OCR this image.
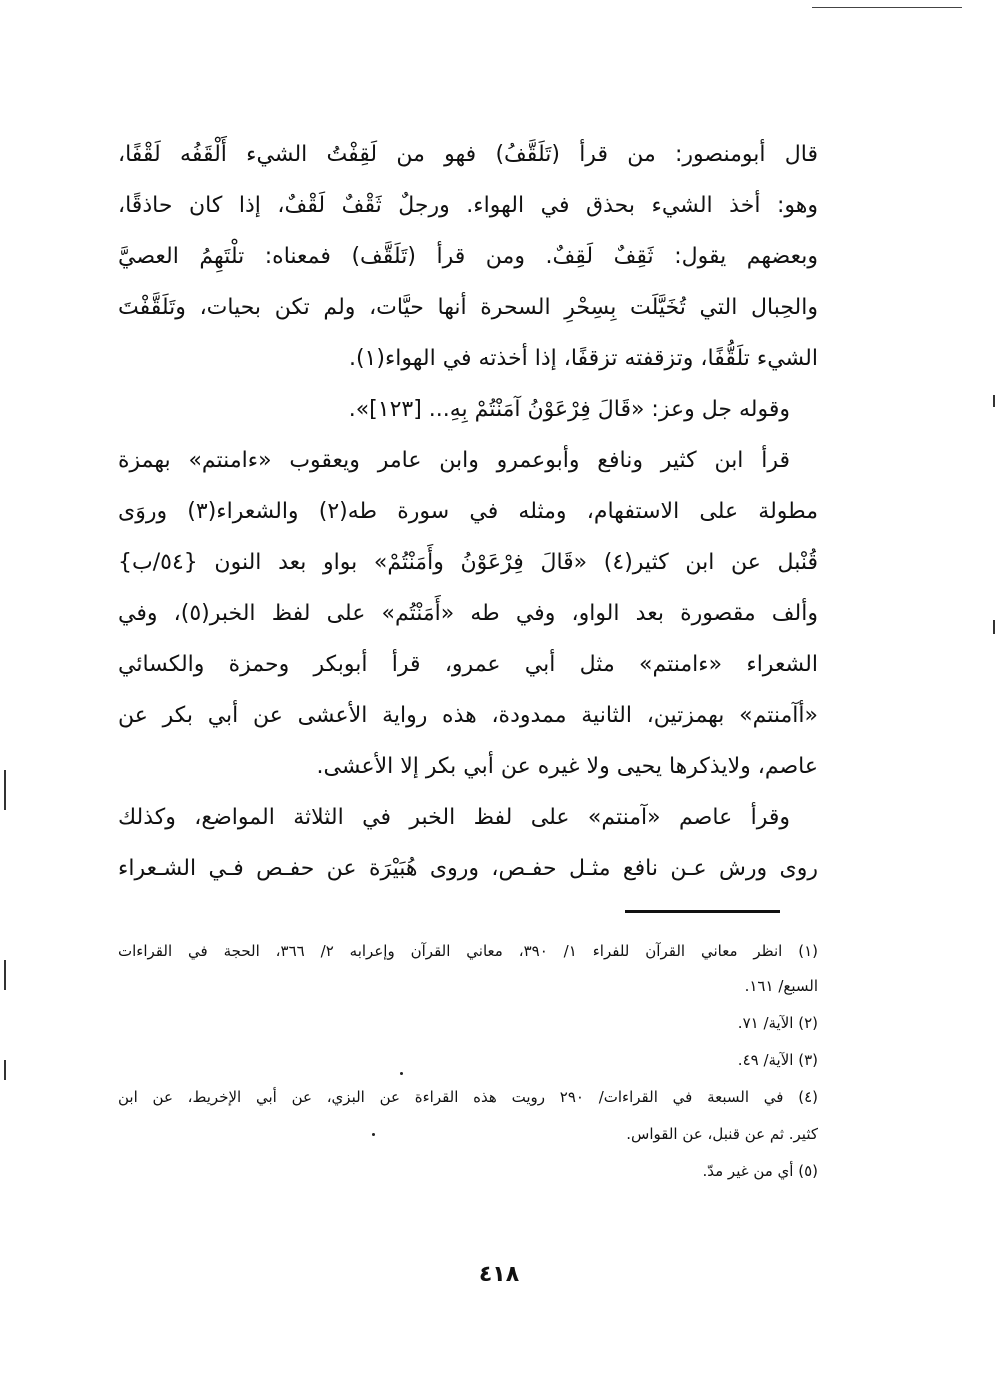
قال أبومنصور: من قرأ (تَلَقَّفُ) فهو من لَقِفْتُ الشيء أَلْقَفُه لَقْفًا،
وهو: أخذ الشيء بحذق في الهواء. ورجلٌ ثَقْفٌ لَقْفٌ، إذا كان حاذقًا،
وبعضهم يقول: ثَقِفٌ لَقِفٌ. ومن قرأ (تَلَقَّف) فمعناه: تلْتَهِمُ العصيَّ
والحِبال التي تُخَيَّلَت بِسِحْرِ السحرة أنها حيَّات، ولم تكن بحيات، وتَلَقَّفْتَ
الشيء تلَقُّفًا، وتزقفته تزقفًا، إذا أخذته في الهواء(١).
وقوله جل وعز: «قَالَ فِرْعَوْنُ آمَنْتُمْ بِهِ... [١٢٣]».
قرأ ابن كثير ونافع وأبوعمرو وابن عامر ويعقوب «ءامنتم» بهمزة
مطولة على الاستفهام، ومثله في سورة طه(٢) والشعراء(٣) وروَى
قُنْبل عن ابن كثير(٤) «قَالَ فِرْعَوْنُ وأَمَنْتُمْ» بواو بعد النون {٥٤/ب}
وألف مقصورة بعد الواو، وفي طه «أَمَنْتُم» على لفظ الخبر(٥)، وفي
الشعراء «ءامنتم» مثل أبي عمرو، قرأ أبوبكر وحمزة والكسائي
«أآمنتم» بهمزتين، الثانية ممدودة، هذه رواية الأعشى عن أبي بكر عن
عاصم، ولايذكرها يحيى ولا غيره عن أبي بكر إلا الأعشى.
وقرأ عاصم «آمنتم» على لفظ الخبر في الثلاثة المواضع، وكذلك
روى ورش عـن نافع مثـل حفـص، وروى هُبَيْرَة عن حفـص فـي الشـعراء
(١) انظر معاني القرآن للفراء ١/ ٣٩٠، معاني القرآن وإعرابه ٢/ ٣٦٦، الحجة في القراءات
السبع/ ١٦١.
(٢) الآية/ ٧١.
(٣) الآية/ ٤٩.
(٤) في السبعة في القراءات/ ٢٩٠ رويت هذه القراءة عن البزي، عن أبي الإخريط، عن ابن
كثير. ثم عن قنبل، عن القواس.
(٥) أي من غير مدّ.
٤١٨
